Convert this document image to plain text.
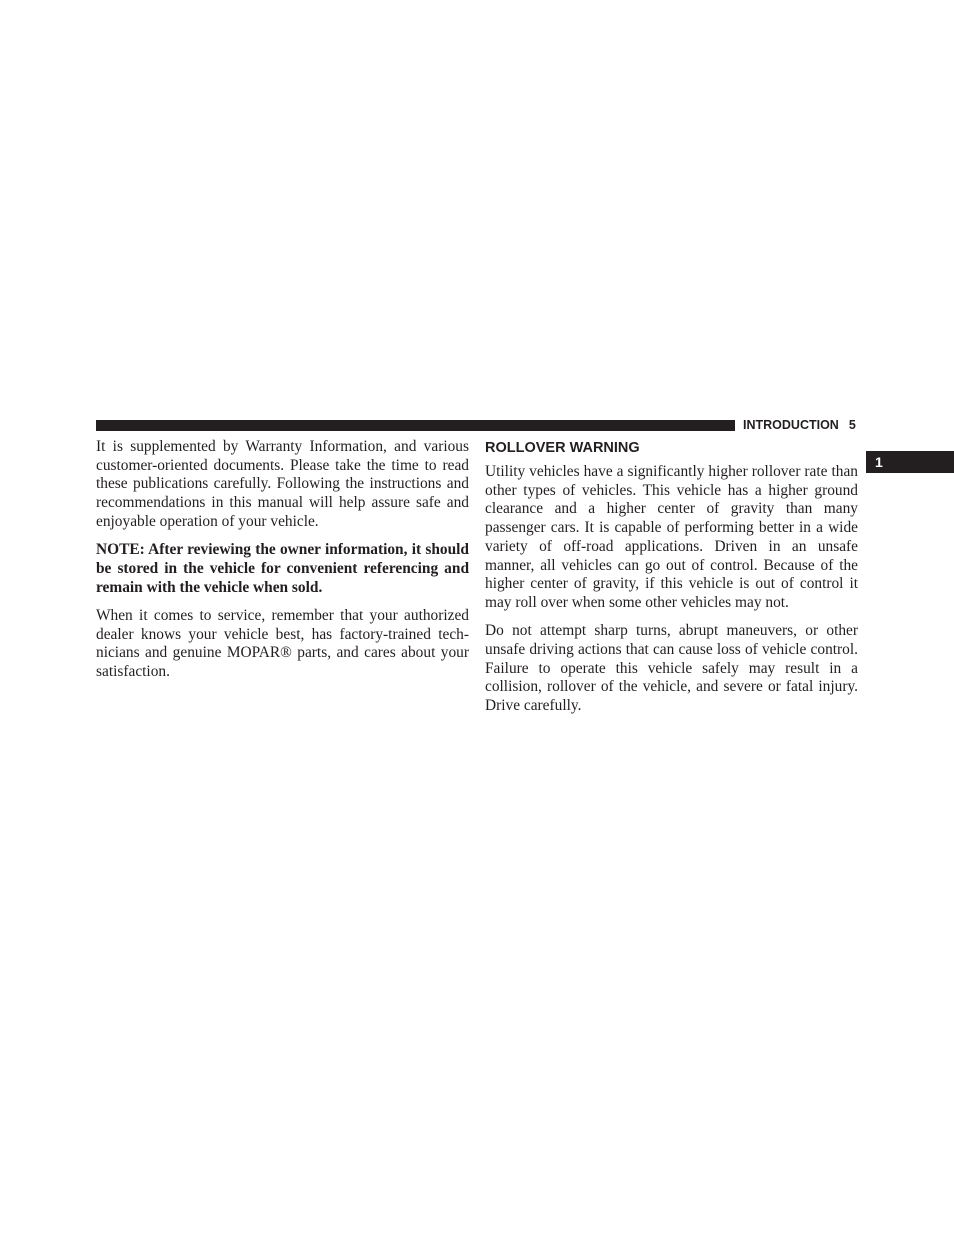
INTRODUCTION 5
1

It is supplemented by Warranty Information, and various customer-oriented documents. Please take the time to read these publications carefully. Following the instructions and recommendations in this manual will help assure safe and enjoyable operation of your vehicle.

NOTE: After reviewing the owner information, it should be stored in the vehicle for convenient referencing and remain with the vehicle when sold.

When it comes to service, remember that your authorized dealer knows your vehicle best, has factory-trained technicians and genuine MOPAR® parts, and cares about your satisfaction.

ROLLOVER WARNING

Utility vehicles have a significantly higher rollover rate than other types of vehicles. This vehicle has a higher ground clearance and a higher center of gravity than many passenger cars. It is capable of performing better in a wide variety of off-road applications. Driven in an unsafe manner, all vehicles can go out of control. Because of the higher center of gravity, if this vehicle is out of control it may roll over when some other vehicles may not.

Do not attempt sharp turns, abrupt maneuvers, or other unsafe driving actions that can cause loss of vehicle control. Failure to operate this vehicle safely may result in a collision, rollover of the vehicle, and severe or fatal injury. Drive carefully.
